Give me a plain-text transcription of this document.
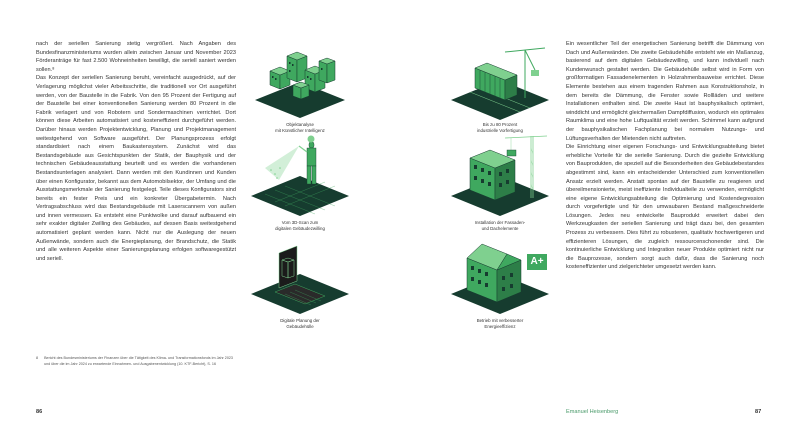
nach der seriellen Sanierung stetig vergrößert. Nach Angaben des Bundesfinanzministeriums wurden allein zwischen Januar und November 2023 Förderanträge für fast 2.500 Wohneinheiten bewilligt, die seriell saniert werden sollen.⁸

Das Konzept der seriellen Sanierung beruht, vereinfacht ausgedrückt, auf der Verlagerung möglichst vieler Arbeitsschritte, die traditionell vor Ort ausgeführt werden, von der Baustelle in die Fabrik. Von den 95 Prozent der Fertigung auf der Baustelle bei einer konventionellen Sanierung werden 80 Prozent in die Fabrik verlagert und von Robotern und Sondermaschinen verrichtet. Dort können diese Arbeiten automatisiert und kosteneffizient durchgeführt werden. Darüber hinaus werden Projektentwicklung, Planung und Projektmanagement weitestgehend von Software ausgeführt. Der Planungsprozess erfolgt standardisiert nach einem Baukastensystem. Zunächst wird das Bestandsgebäude aus Gesichtspunkten der Statik, der Bauphysik und der technischen Gebäudeausstattung beurteilt und es werden die vorhandenen Bestandsunterlagen analysiert. Dann werden mit den Kundinnen und Kunden über einen Konfigurator, bekannt aus dem Automobilsektor, der Umfang und die Ausstattungsmerkmale der Sanierung festgelegt. Teile dieses Konfigurators sind bereits ein fester Preis und ein konkreter Übergabetermin. Nach Vertragsabschluss wird das Bestandsgebäude mit Laserscannern von außen und innen vermessen. Es entsteht eine Punktwolke und darauf aufbauend ein sehr exakter digitaler Zwilling des Gebäudes, auf dessen Basis weitestgehend automatisiert geplant werden kann. Nicht nur die Auslegung der neuen Außenwände, sondern auch die Energieplanung, der Brandschutz, die Statik und alle weiteren Aspekte einer Sanierungsplanung erfolgen softwaregestützt und seriell.

8 Bericht des Bundesministeriums der Finanzen über die Tätigkeit des Klima- und Transformationsfonds im Jahr 2023 und über die im Jahr 2024 zu erwartende Einnahmen- und Ausgabenentwicklung (10. KTF-Bericht), S. 16
Objektanalyse
mit Künstlicher Intelligenz
Bis zu 80 Prozent
industrielle Vorfertigung
Vom 3D-Scan zum
digitalen Gebäudezwilling
Installation der Fassaden-
und Dachelemente
Digitale Planung der
Gebäudehülle
A+
Betrieb mit verbesserter
Energieeffizienz

Ein wesentlicher Teil der energetischen Sanierung betrifft die Dämmung von Dach und Außenwänden. Die zweite Gebäudehülle entsteht wie ein Maßanzug, basierend auf dem digitalen Gebäudezwilling, und kann individuell nach Kundenwunsch gestaltet werden. Die Gebäudehülle selbst wird in Form von großformatigen Fassadenelementen in Holzrahmenbauweise errichtet. Diese Elemente bestehen aus einem tragenden Rahmen aus Konstruktionsholz, in dem bereits die Dämmung, die Fenster sowie Rollläden und weitere Installationen enthalten sind. Die zweite Haut ist bauphysikalisch optimiert, winddicht und ermöglicht gleichermaßen Dampfdiffusion, wodurch ein optimales Raumklima und eine hohe Luftqualität erzielt werden. Schimmel kann aufgrund der bauphysikalischen Fachplanung bei normalem Nutzungs- und Lüftungsverhalten der Mietenden nicht auftreten.

Die Einrichtung einer eigenen Forschungs- und Entwicklungsabteilung bietet erhebliche Vorteile für die serielle Sanierung. Durch die gezielte Entwicklung von Bauprodukten, die speziell auf die Besonderheiten des Gebäudebestandes abgestimmt sind, kann ein entscheidender Unterschied zum konventionellen Ansatz erzielt werden. Anstatt spontan auf der Baustelle zu reagieren und übereilmensionierte, meist ineffiziente Individualteile zu verwenden, ermöglicht eine eigene Entwicklungsabteilung die Optimierung und Kostendegression durch vorgefertigte und für den umwaubaren Bestand maßgeschneiderte Lösungen. Jedes neu entwickelte Bauprodukt erweitert dabei den Werkzeugkasten der seriellen Sanierung und trägt dazu bei, den gesamten Prozess zu verbessern. Dies führt zu robusteren, qualitativ hochwertigeren und effizienteren Lösungen, die zugleich ressourcenschonender sind. Die kontinuierliche Entwicklung und Integration neuer Produkte optimiert nicht nur die Bauprozesse, sondern sorgt auch dafür, dass die Sanierung noch kosteneffizienter und zielgerichteter umgesetzt werden kann.

86	Emanuel Heisenberg	87
